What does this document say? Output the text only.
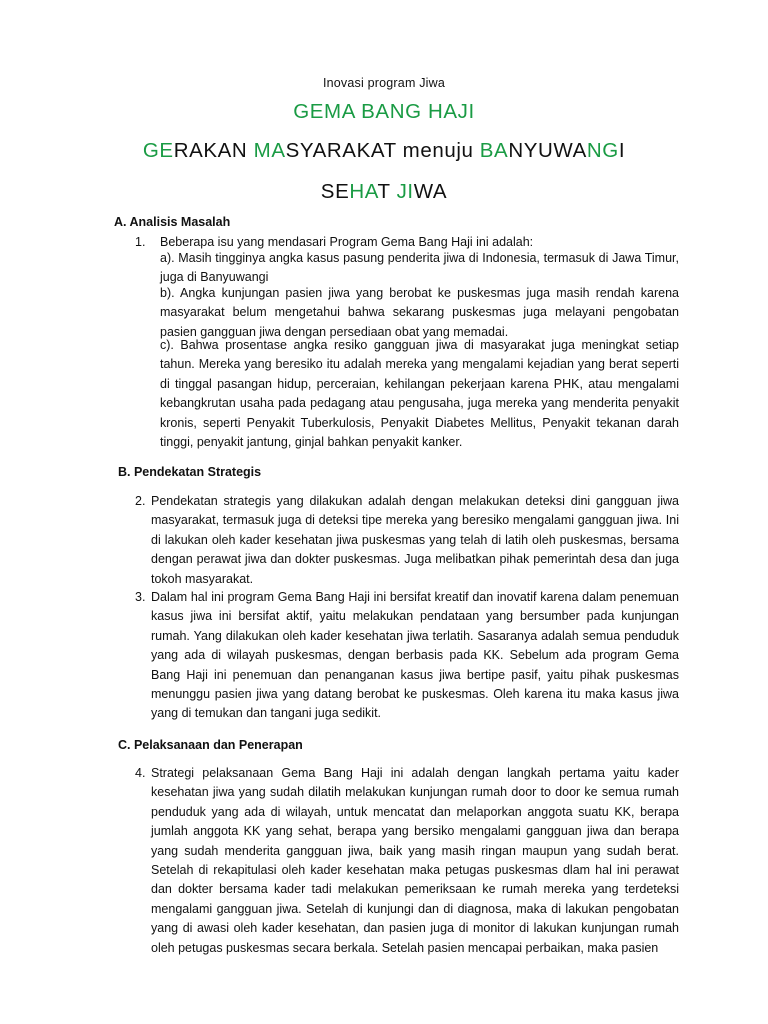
Inovasi program Jiwa
GEMA BANG HAJI
GERAKAN MASYARAKAT menuju BANYUWANGI
SEHAT JIWA
A. Analisis Masalah
1. Beberapa isu yang mendasari Program Gema Bang Haji ini adalah:
a). Masih tingginya angka kasus pasung penderita jiwa di Indonesia, termasuk di Jawa Timur, juga di Banyuwangi
b). Angka kunjungan pasien jiwa yang berobat ke puskesmas juga masih rendah karena masyarakat belum mengetahui bahwa sekarang puskesmas juga melayani pengobatan pasien gangguan jiwa dengan persediaan obat yang memadai.
c). Bahwa prosentase angka resiko gangguan jiwa di masyarakat juga meningkat setiap tahun. Mereka yang beresiko itu adalah mereka yang mengalami kejadian yang berat seperti di tinggal pasangan hidup, perceraian, kehilangan pekerjaan karena PHK, atau mengalami kebangkrutan usaha pada pedagang atau pengusaha, juga mereka yang menderita penyakit kronis, seperti Penyakit Tuberkulosis, Penyakit Diabetes Mellitus, Penyakit tekanan darah tinggi, penyakit jantung, ginjal bahkan penyakit kanker.
B. Pendekatan Strategis
2. Pendekatan strategis yang dilakukan adalah dengan melakukan deteksi dini gangguan jiwa masyarakat, termasuk juga di deteksi tipe mereka yang beresiko mengalami gangguan jiwa. Ini di lakukan oleh kader kesehatan jiwa puskesmas yang telah di latih oleh puskesmas, bersama dengan perawat jiwa dan dokter puskesmas. Juga melibatkan pihak pemerintah desa dan juga tokoh masyarakat.
3. Dalam hal ini program Gema Bang Haji ini bersifat kreatif dan inovatif karena dalam penemuan kasus jiwa ini bersifat aktif, yaitu melakukan pendataan yang bersumber pada kunjungan rumah. Yang dilakukan oleh kader kesehatan jiwa terlatih. Sasaranya adalah semua penduduk yang ada di wilayah puskesmas, dengan berbasis pada KK. Sebelum ada program Gema Bang Haji ini penemuan dan penanganan kasus jiwa bertipe pasif, yaitu pihak puskesmas menunggu pasien jiwa yang datang berobat ke puskesmas. Oleh karena itu maka kasus jiwa yang di temukan dan tangani juga sedikit.
C. Pelaksanaan dan Penerapan
4. Strategi pelaksanaan Gema Bang Haji ini adalah dengan langkah pertama yaitu kader kesehatan jiwa yang sudah dilatih melakukan kunjungan rumah door to door ke semua rumah penduduk yang ada di wilayah, untuk mencatat dan melaporkan anggota suatu KK, berapa jumlah anggota KK yang sehat, berapa yang bersiko mengalami gangguan jiwa dan berapa yang sudah menderita gangguan jiwa, baik yang masih ringan maupun yang sudah berat. Setelah di rekapitulasi oleh kader kesehatan maka petugas puskesmas dlam hal ini perawat dan dokter bersama kader tadi melakukan pemeriksaan ke rumah mereka yang terdeteksi mengalami gangguan jiwa. Setelah di kunjungi dan di diagnosa, maka di lakukan pengobatan yang di awasi oleh kader kesehatan, dan pasien juga di monitor di lakukan kunjungan rumah oleh petugas puskesmas secara berkala. Setelah pasien mencapai perbaikan, maka pasien
